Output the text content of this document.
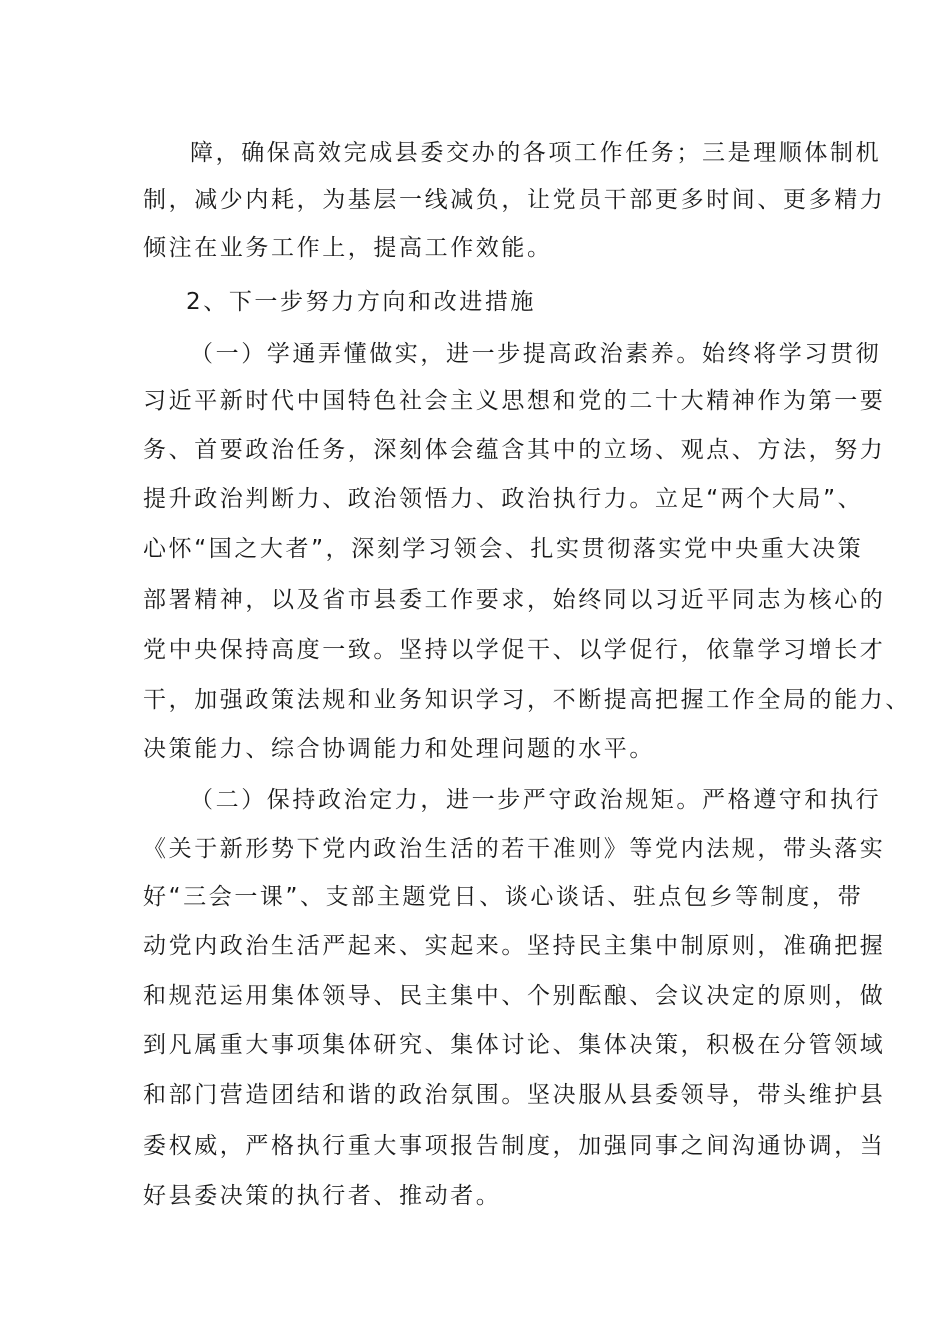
障，确保高效完成县委交办的各项工作任务；三是理顺体制机

制，减少内耗，为基层一线减负，让党员干部更多时间、更多精力

倾注在业务工作上，提高工作效能。

2、下一步努力方向和改进措施

（一）学通弄懂做实，进一步提高政治素养。始终将学习贯彻

习近平新时代中国特色社会主义思想和党的二十大精神作为第一要

务、首要政治任务，深刻体会蕴含其中的立场、观点、方法，努力

提升政治判断力、政治领悟力、政治执行力。立足“两个大局”、

心怀“国之大者”，深刻学习领会、扎实贯彻落实党中央重大决策

部署精神，以及省市县委工作要求，始终同以习近平同志为核心的

党中央保持高度一致。坚持以学促干、以学促行，依靠学习增长才

干，加强政策法规和业务知识学习，不断提高把握工作全局的能力、

决策能力、综合协调能力和处理问题的水平。

（二）保持政治定力，进一步严守政治规矩。严格遵守和执行

《关于新形势下党内政治生活的若干准则》等党内法规，带头落实

好“三会一课”、支部主题党日、谈心谈话、驻点包乡等制度，带

动党内政治生活严起来、实起来。坚持民主集中制原则，准确把握

和规范运用集体领导、民主集中、个别酝酿、会议决定的原则，做

到凡属重大事项集体研究、集体讨论、集体决策，积极在分管领域

和部门营造团结和谐的政治氛围。坚决服从县委领导，带头维护县

委权威，严格执行重大事项报告制度，加强同事之间沟通协调，当

好县委决策的执行者、推动者。
